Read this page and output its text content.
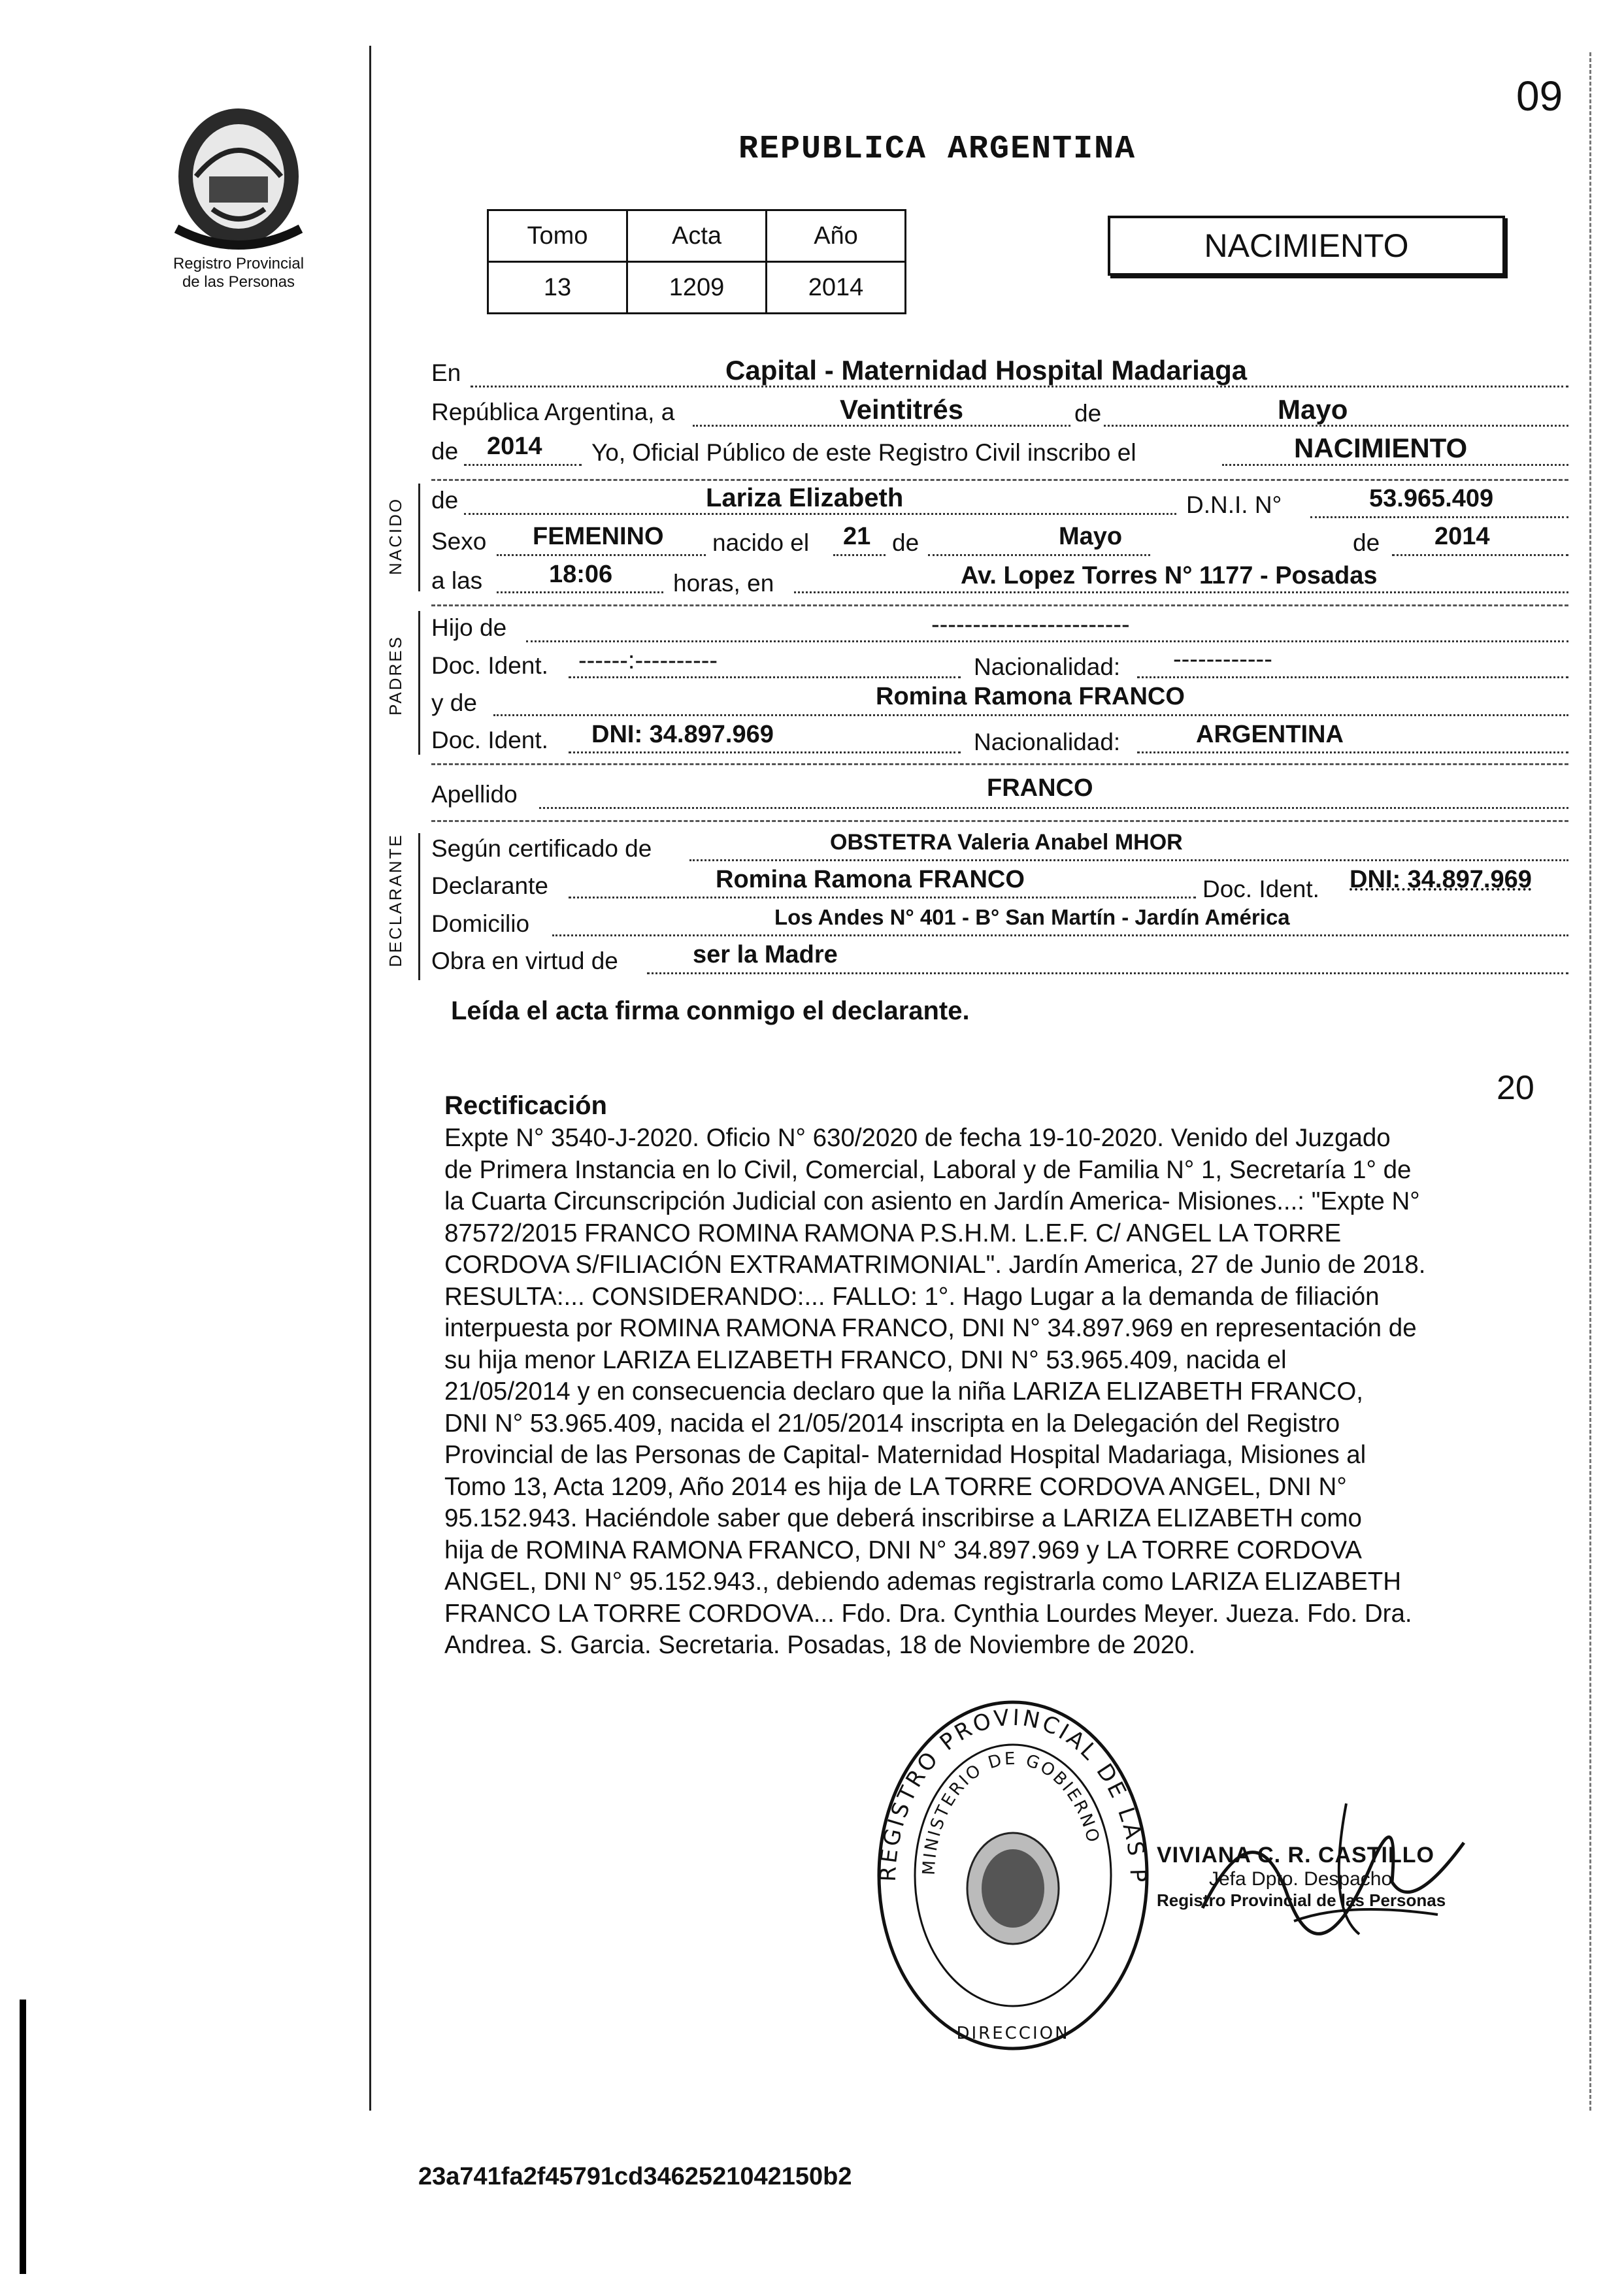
Registro Provincial
de las Personas
REPUBLICA ARGENTINA
09
Tomo	Acta	Año
13	1209	2014
NACIMIENTO
En	Capital - Maternidad Hospital Madariaga
República Argentina, a	Veintitrés	de	Mayo
de 2014 Yo, Oficial Público de este Registro Civil inscribo el	NACIMIENTO
NACIDO de	Lariza Elizabeth	D.N.I. N°	53.965.409
Sexo FEMENINO nacido el 21 de	Mayo	de 2014
a las	18:06	horas, en	Av. Lopez Torres N° 1177 - Posadas
PADRES
Hijo de	------------------------
Doc. Ident. ------:----------	Nacionalidad: ------------
y de	Romina Ramona FRANCO
Doc. Ident. DNI: 34.897.969	Nacionalidad:	ARGENTINA
Apellido	FRANCO
DECLARANTE Según certificado de	OBSTETRA Valeria Anabel MHOR
Declarante	Romina Ramona FRANCO	Doc. Ident. DNI: 34.897.969
Domicilio	Los Andes N° 401 - B° San Martín - Jardín América
Obra en virtud de	ser la Madre
Leída el acta firma conmigo el declarante.
20
Rectificación
Expte N° 3540-J-2020. Oficio N° 630/2020 de fecha 19-10-2020. Venido del Juzgado
de Primera Instancia en lo Civil, Comercial, Laboral y de Familia N° 1, Secretaría 1° de
la Cuarta Circunscripción Judicial con asiento en Jardín America- Misiones...: "Expte N°
87572/2015 FRANCO ROMINA RAMONA P.S.H.M. L.E.F. C/ ANGEL LA TORRE
CORDOVA S/FILIACIÓN EXTRAMATRIMONIAL". Jardín America, 27 de Junio de 2018.
RESULTA:... CONSIDERANDO:... FALLO: 1°. Hago Lugar a la demanda de filiación
interpuesta por ROMINA RAMONA FRANCO, DNI N° 34.897.969 en representación de
su hija menor LARIZA ELIZABETH FRANCO, DNI N° 53.965.409, nacida el
21/05/2014 y en consecuencia declaro que la niña LARIZA ELIZABETH FRANCO,
DNI N° 53.965.409, nacida el 21/05/2014 inscripta en la Delegación del Registro
Provincial de las Personas de Capital- Maternidad Hospital Madariaga, Misiones al
Tomo 13, Acta 1209, Año 2014 es hija de LA TORRE CORDOVA ANGEL, DNI N°
95.152.943. Haciéndole saber que deberá inscribirse a LARIZA ELIZABETH como
hija de ROMINA RAMONA FRANCO, DNI N° 34.897.969 y LA TORRE CORDOVA
ANGEL, DNI N° 95.152.943., debiendo ademas registrarla como LARIZA ELIZABETH
FRANCO LA TORRE CORDOVA... Fdo. Dra. Cynthia Lourdes Meyer. Jueza. Fdo. Dra.
Andrea. S. Garcia. Secretaria. Posadas, 18 de Noviembre de 2020.
REGISTRO PROVINCIAL DE LAS P
MINISTERIO DE GOBIERNO
DIRECCION
VIVIANA C. R. CASTILLO
Jefa Dpto. Despacho
Registro Provincial de las Personas
23a741fa2f45791cd3462521042150b2
